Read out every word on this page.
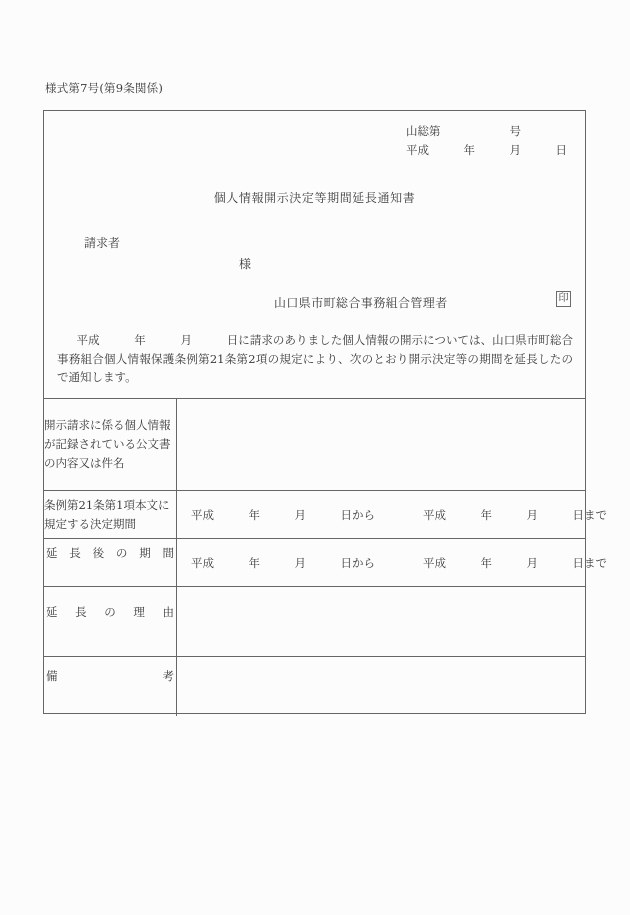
様式第7号(第9条関係)
山総第　　　　　　号
平成　　　年　　　月　　　日
個人情報開示決定等期間延長通知書
請求者
様
山口県市町総合事務組合管理者	印
平成　　　年　　　月　　　日に請求のありました個人情報の開示については、山口県市町総合事務組合個人情報保護条例第21条第2項の規定により、次のとおり開示決定等の期間を延長したので通知します。
開示請求に係る個人情報が記録されている公文書の内容又は件名	

条例第21条第1項本文に規定する決定期間	平成　　　年　　　月　　　日から 平成　　　年　　　月　　　日まで

延長後の期間	平成　　　年　　　月　　　日から 平成　　　年　　　月　　　日まで

延長の理由	

備考	
